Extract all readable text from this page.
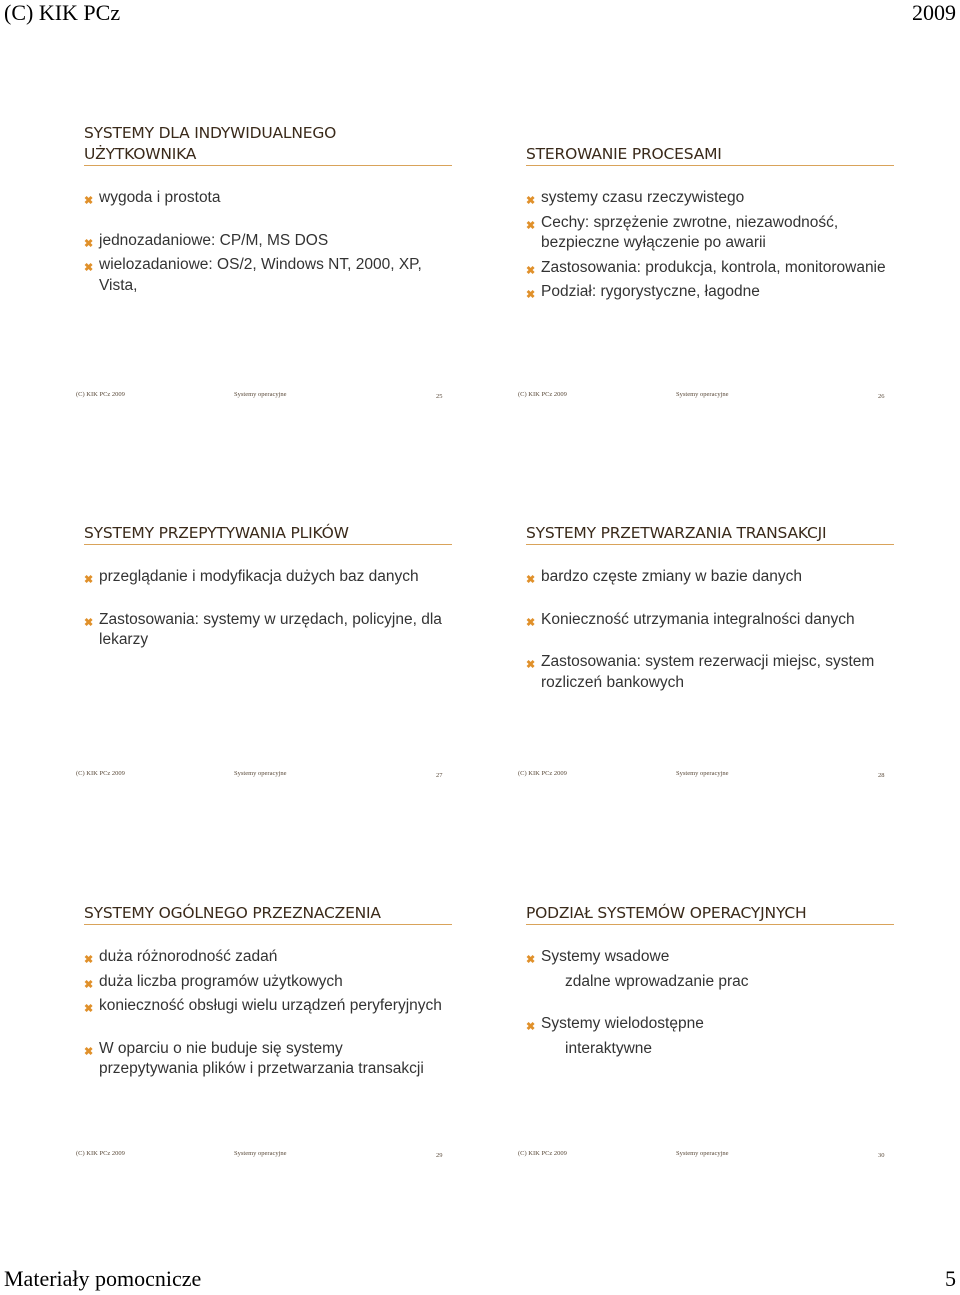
(C) KIK PCz	2009
SYSTEMY DLA INDYWIDUALNEGO
UŻYTKOWNIKA
✖ wygoda i prostota
✖ jednozadaniowe: CP/M, MS DOS
✖ wielozadaniowe: OS/2, Windows NT, 2000, XP, Vista,
(C) KIK PCz 2009	Systemy operacyjne	25
STEROWANIE PROCESAMI
✖ systemy czasu rzeczywistego
✖ Cechy: sprzężenie zwrotne, niezawodność, bezpieczne wyłączenie po awarii
✖ Zastosowania: produkcja, kontrola, monitorowanie
✖ Podział: rygorystyczne, łagodne
(C) KIK PCz 2009	Systemy operacyjne	26
SYSTEMY PRZEPYTYWANIA PLIKÓW
✖ przeglądanie i modyfikacja dużych baz danych
✖ Zastosowania: systemy w urzędach, policyjne, dla lekarzy
(C) KIK PCz 2009	Systemy operacyjne	27
SYSTEMY PRZETWARZANIA TRANSAKCJI
✖ bardzo częste zmiany w bazie danych
✖ Konieczność utrzymania integralności danych
✖ Zastosowania: system rezerwacji miejsc, system rozliczeń bankowych
(C) KIK PCz 2009	Systemy operacyjne	28
SYSTEMY OGÓLNEGO PRZEZNACZENIA
✖ duża różnorodność zadań
✖ duża liczba programów użytkowych
✖ konieczność obsługi wielu urządzeń peryferyjnych
✖ W oparciu o nie buduje się systemy przepytywania plików i przetwarzania transakcji
(C) KIK PCz 2009	Systemy operacyjne	29
PODZIAŁ SYSTEMÓW OPERACYJNYCH
✖ Systemy wsadowe
zdalne wprowadzanie prac
✖ Systemy wielodostępne
interaktywne
(C) KIK PCz 2009	Systemy operacyjne	30
Materiały pomocnicze	5
